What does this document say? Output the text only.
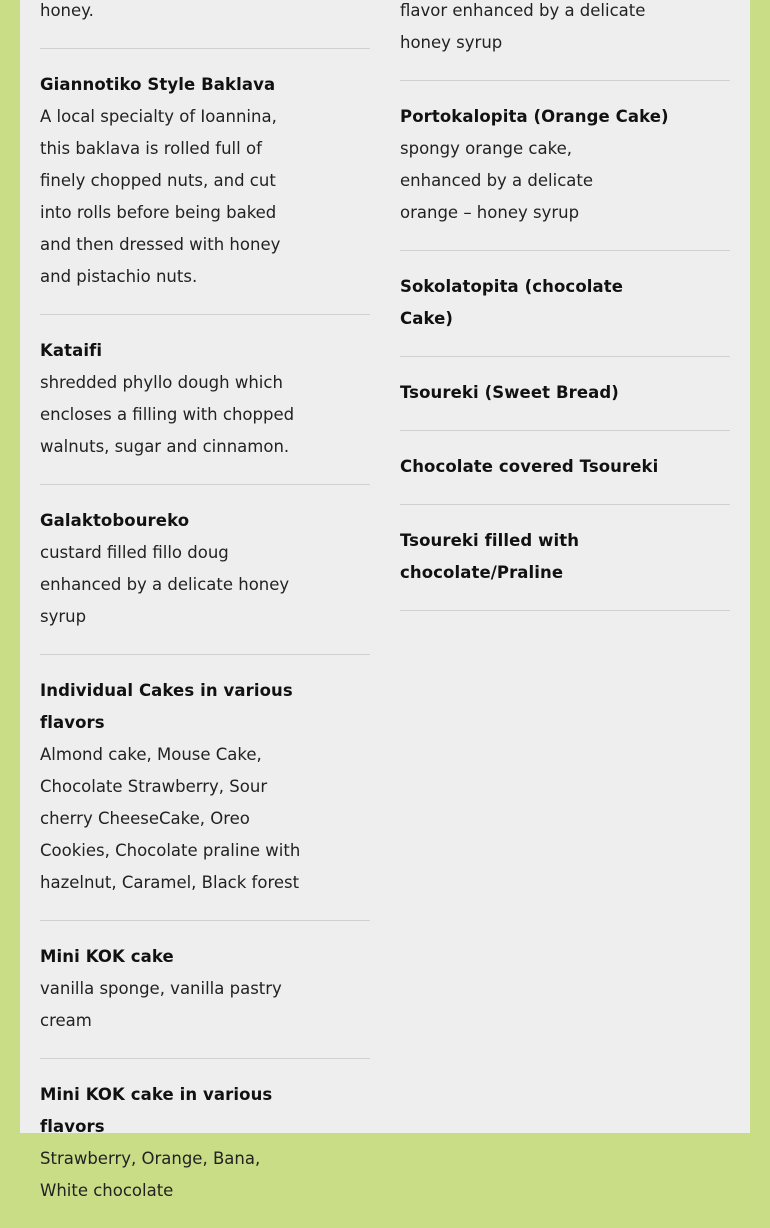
honey.
Giannotiko Style Baklava
A local specialty of Ioannina, this baklava is rolled full of finely chopped nuts, and cut into rolls before being baked and then dressed with honey and pistachio nuts.
Kataifi
shredded phyllo dough which encloses a filling with chopped walnuts, sugar and cinnamon.
Galaktoboureko
custard filled fillo doug enhanced by a delicate honey syrup
Individual Cakes in various flavors
Almond cake, Mouse Cake, Chocolate Strawberry, Sour cherry CheeseCake, Oreo Cookies, Chocolate praline with hazelnut, Caramel, Black forest
Mini KOK cake
vanilla sponge, vanilla pastry cream
Mini KOK cake in various flavors
Strawberry, Orange, Bana, White chocolate
flavor enhanced by a delicate honey syrup
Portokalopita (Orange Cake)
spongy orange cake, enhanced by a delicate orange – honey syrup
Sokolatopita (chocolate Cake)
Tsoureki (Sweet Bread)
Chocolate covered Tsoureki
Tsoureki filled with chocolate/Praline
